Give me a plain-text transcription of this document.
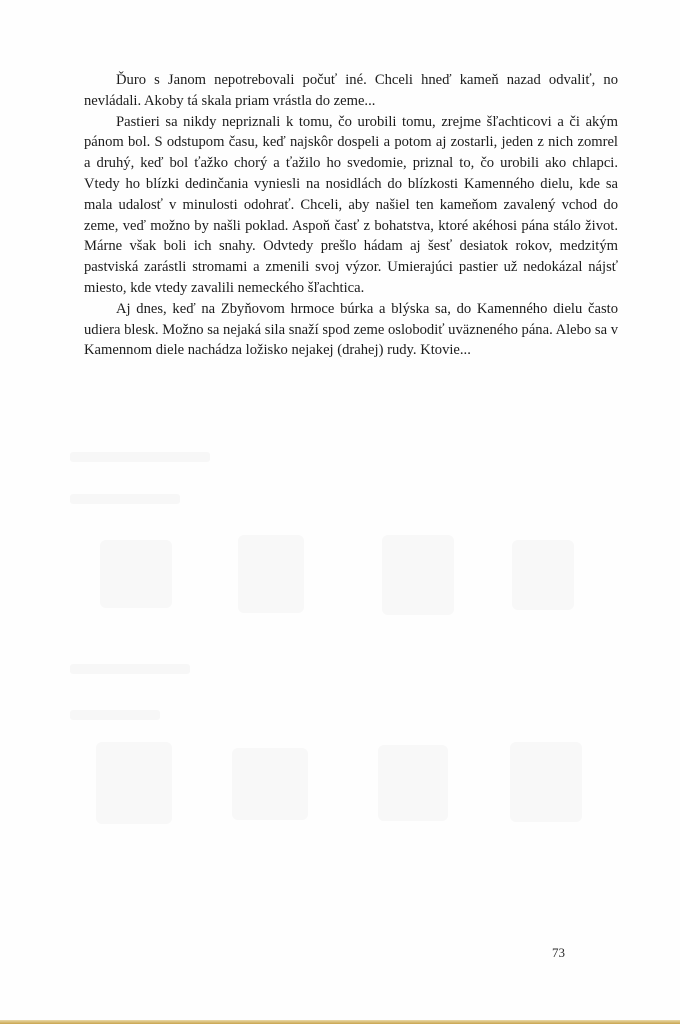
Ďuro s Janom nepotrebovali počuť iné. Chceli hneď kameň nazad odvaliť, no nevládali. Akoby tá skala priam vrástla do zeme...

Pastieri sa nikdy nepriznali k tomu, čo urobili tomu, zrejme šľachticovi a či akým pánom bol. S odstupom času, keď najskôr dospeli a potom aj zostarli, jeden z nich zomrel a druhý, keď bol ťažko chorý a ťažilo ho svedomie, priznal to, čo urobili ako chlapci. Vtedy ho blízki dedinčania vyniesli na nosidlách do blízkosti Kamenného dielu, kde sa mala udalosť v minulosti odohrať. Chceli, aby našiel ten kameňom zavalený vchod do zeme, veď možno by našli poklad. Aspoň časť z bohatstva, ktoré akéhosi pána stálo život. Márne však boli ich snahy. Odvtedy prešlo hádam aj šesť desiatok rokov, medzitým pastviská zarástli stromami a zmenili svoj výzor. Umierajúci pastier už nedokázal nájsť miesto, kde vtedy zavalili nemeckého šľachtica.

Aj dnes, keď na Zbyňovom hrmoce búrka a blýska sa, do Kamenného dielu často udiera blesk. Možno sa nejaká sila snaží spod zeme oslobodiť uväzneného pána. Alebo sa v Kamennom diele nachádza ložisko nejakej (drahej) rudy. Ktovie...

73
